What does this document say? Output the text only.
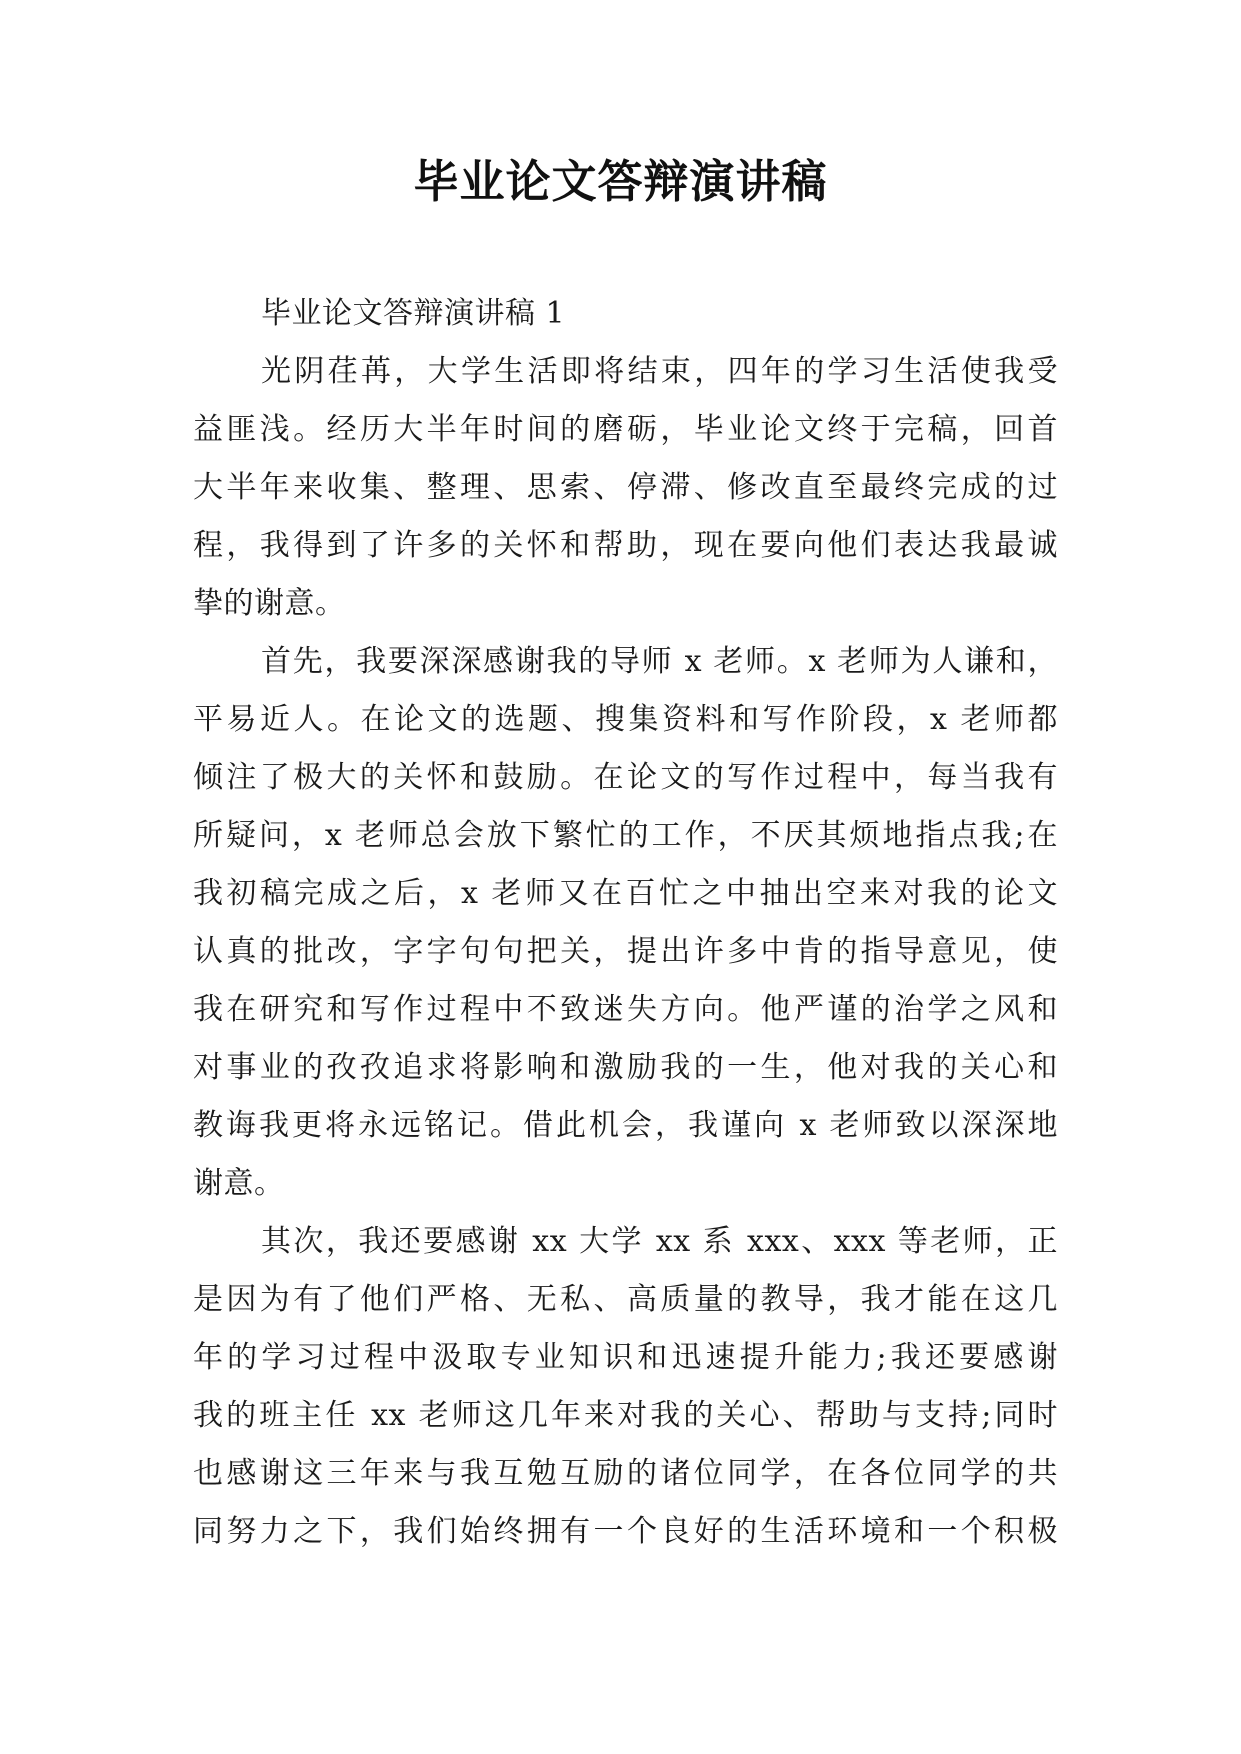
毕业论文答辩演讲稿
毕业论文答辩演讲稿 1
光阴荏苒，大学生活即将结束，四年的学习生活使我受
益匪浅。经历大半年时间的磨砺，毕业论文终于完稿，回首
大半年来收集、整理、思索、停滞、修改直至最终完成的过
程，我得到了许多的关怀和帮助，现在要向他们表达我最诚
挚的谢意。
首先，我要深深感谢我的导师 x 老师。x 老师为人谦和，
平易近人。在论文的选题、搜集资料和写作阶段，x 老师都
倾注了极大的关怀和鼓励。在论文的写作过程中，每当我有
所疑问，x 老师总会放下繁忙的工作，不厌其烦地指点我;在
我初稿完成之后，x 老师又在百忙之中抽出空来对我的论文
认真的批改，字字句句把关，提出许多中肯的指导意见，使
我在研究和写作过程中不致迷失方向。他严谨的治学之风和
对事业的孜孜追求将影响和激励我的一生，他对我的关心和
教诲我更将永远铭记。借此机会，我谨向 x 老师致以深深地
谢意。
其次，我还要感谢 xx 大学 xx 系 xxx、xxx 等老师，正
是因为有了他们严格、无私、高质量的教导，我才能在这几
年的学习过程中汲取专业知识和迅速提升能力;我还要感谢
我的班主任 xx 老师这几年来对我的关心、帮助与支持;同时
也感谢这三年来与我互勉互励的诸位同学，在各位同学的共
同努力之下，我们始终拥有一个良好的生活环境和一个积极
